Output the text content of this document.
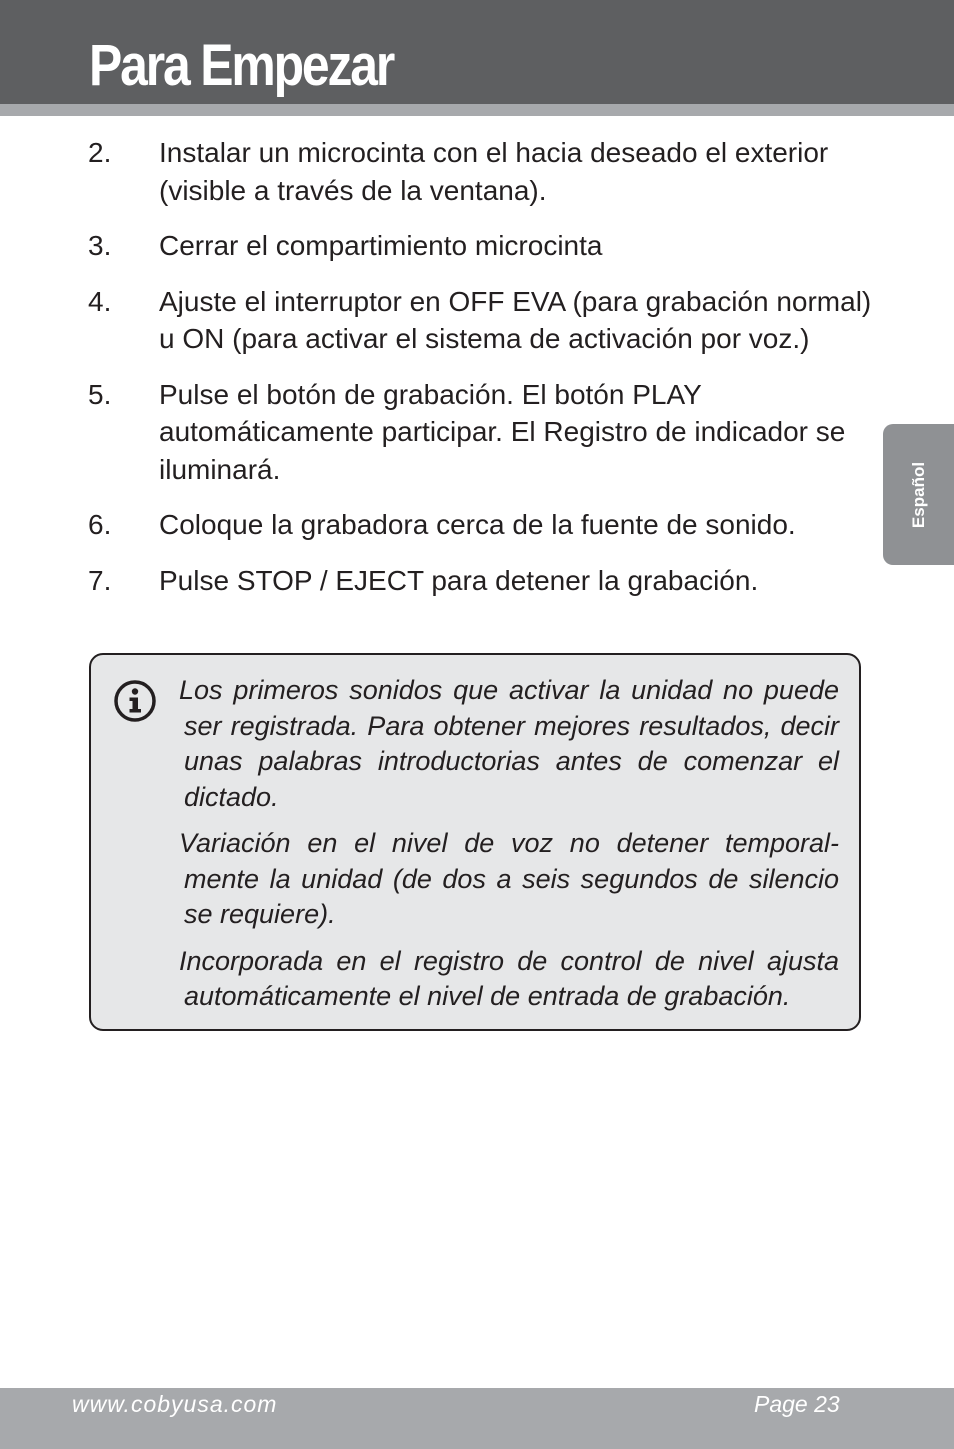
Para Empezar
2.	Instalar un microcinta con el hacia deseado el exterior (visible a través de la ventana).
3.	Cerrar el compartimiento microcinta
4.	Ajuste el interruptor en OFF EVA (para grabación normal) u ON (para activar el sistema de activación por voz.)
5.	Pulse el botón de grabación. El botón PLAY automáticamente participar. El Registro de indicador se iluminará.
6.	Coloque la grabadora cerca de la fuente de sonido.
7.	Pulse STOP / EJECT para detener la grabación.

Los primeros sonidos que activar la unidad no puede ser registrada. Para obtener mejores resultados, decir unas palabras introductorias antes de comenzar el dictado.

Variación en el nivel de voz no detener temporal-mente la unidad (de dos a seis segundos de silencio se requiere).

Incorporada en el registro de control de nivel ajusta automáticamente el nivel de entrada de grabación.

Español
www.cobyusa.com	Page 23
